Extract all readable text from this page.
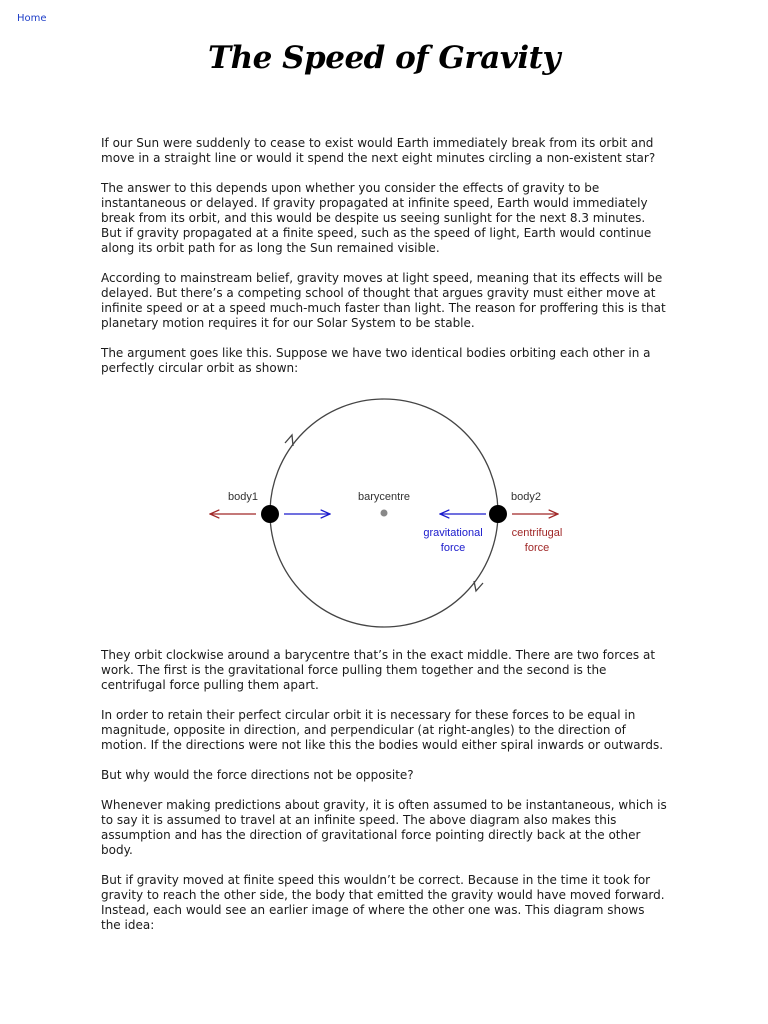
Home
The Speed of Gravity

If our Sun were suddenly to cease to exist would Earth immediately break from its orbit and move in a straight line or would it spend the next eight minutes circling a non-existent star?

The answer to this depends upon whether you consider the effects of gravity to be instantaneous or delayed. If gravity propagated at infinite speed, Earth would immediately break from its orbit, and this would be despite us seeing sunlight for the next 8.3 minutes. But if gravity propagated at a finite speed, such as the speed of light, Earth would continue along its orbit path for as long the Sun remained visible.

According to mainstream belief, gravity moves at light speed, meaning that its effects will be delayed. But there’s a competing school of thought that argues gravity must either move at infinite speed or at a speed much-much faster than light. The reason for proffering this is that planetary motion requires it for our Solar System to be stable.

The argument goes like this. Suppose we have two identical bodies orbiting each other in a perfectly circular orbit as shown:

barycentre
body1	body2
gravitational
force
centrifugal
force

They orbit clockwise around a barycentre that’s in the exact middle. There are two forces at work. The first is the gravitational force pulling them together and the second is the centrifugal force pulling them apart.

In order to retain their perfect circular orbit it is necessary for these forces to be equal in magnitude, opposite in direction, and perpendicular (at right-angles) to the direction of motion. If the directions were not like this the bodies would either spiral inwards or outwards.

But why would the force directions not be opposite?

Whenever making predictions about gravity, it is often assumed to be instantaneous, which is to say it is assumed to travel at an infinite speed. The above diagram also makes this assumption and has the direction of gravitational force pointing directly back at the other body.

But if gravity moved at finite speed this wouldn’t be correct. Because in the time it took for gravity to reach the other side, the body that emitted the gravity would have moved forward. Instead, each would see an earlier image of where the other one was. This diagram shows the idea:
